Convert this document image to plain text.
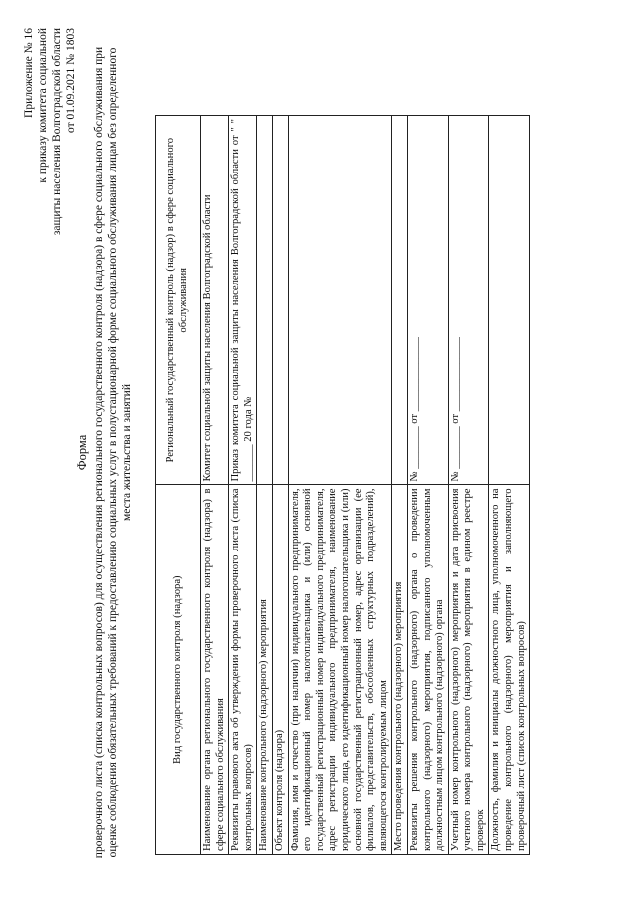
Приложение № 16 к приказу комитета социальной защиты населения Волгоградской области от 01.09.2021 № 1803
Форма проверочного листа (списка контрольных вопросов) для осуществления регионального государственного контроля (надзора) в сфере социального обслуживания при оценке соблюдения обязательных требований к предоставлению социальных услуг в полустационарной форме социального обслуживания лицам без определенного места жительства и занятий
Вид государственного контроля (надзора)	Региональный государственный контроль (надзор) в сфере социального обслуживания
Наименование органа регионального государственного контроля (надзора) в сфере социального обслуживания	Комитет социальной защиты населения Волгоградской области
Реквизиты правового акта об утверждении формы проверочного листа (списка контрольных вопросов)	Приказ комитета социальной защиты населения Волгоградской области от " " _______ 20 года №
Наименование контрольного (надзорного) мероприятия	
Объект контроля (надзора)	
Фамилия, имя и отчество (при наличии) индивидуального предпринимателя, его идентификационный номер налогоплательщика и (или) основной государственный регистрационный номер индивидуального предпринимателя, адрес регистрации индивидуального предпринимателя, наименование юридического лица, его идентификационный номер налогоплательщика и (или) основной государственный регистрационный номер, адрес организации (ее филиалов, представительств, обособленных структурных подразделений), являющегося контролируемым лицом	
Место проведения контрольного (надзорного) мероприятия	
Реквизиты решения контрольного (надзорного) органа о проведении контрольного (надзорного) мероприятия, подписанного уполномоченным должностным лицом контрольного (надзорного) органа	№ ________ от ______________
Учетный номер контрольного (надзорного) мероприятия и дата присвоения учетного номера контрольного (надзорного) мероприятия в едином реестре проверок	№ ________ от ______________
Должность, фамилия и инициалы должностного лица, уполномоченного на проведение контрольного (надзорного) мероприятия и заполняющего проверочный лист (список контрольных вопросов)	
